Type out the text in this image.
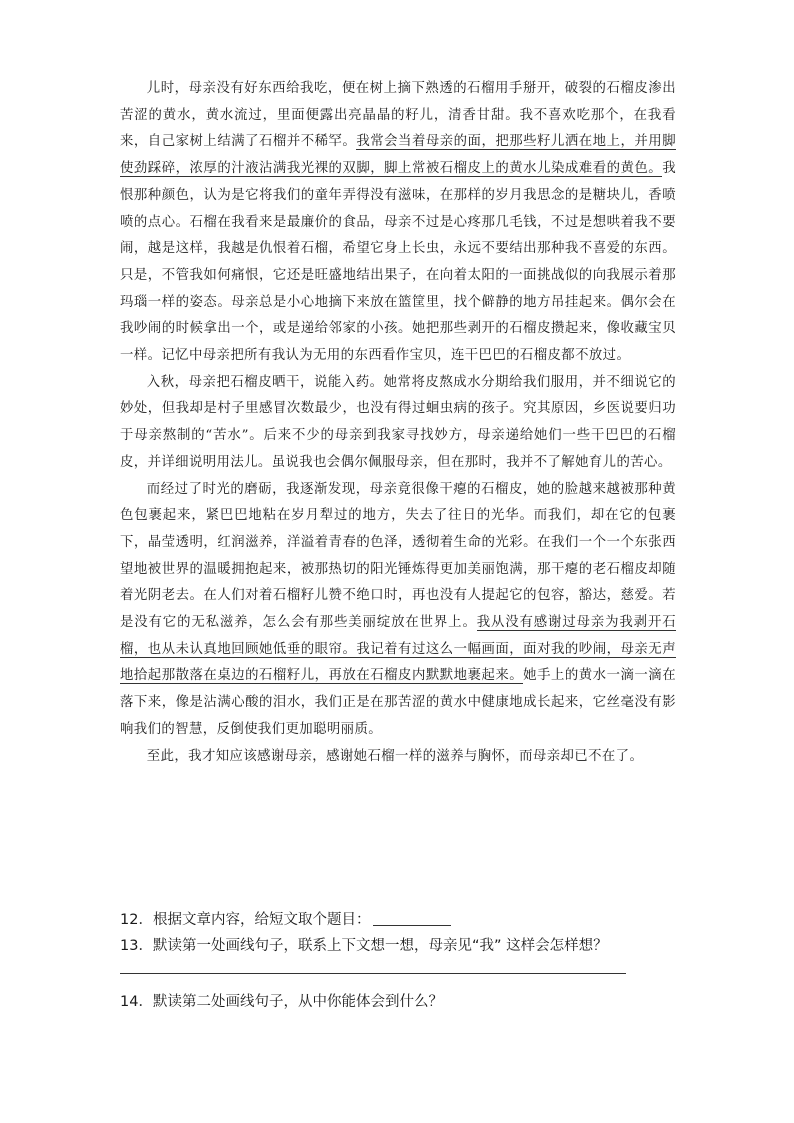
儿时，母亲没有好东西给我吃，便在树上摘下熟透的石榴用手掰开，破裂的石榴皮渗出苦涩的黄水，黄水流过，里面便露出亮晶晶的籽儿，清香甘甜。我不喜欢吃那个，在我看来，自己家树上结满了石榴并不稀罕。我常会当着母亲的面，把那些籽儿洒在地上，并用脚使劲踩碎，浓厚的汁液沾满我光裸的双脚，脚上常被石榴皮上的黄水儿染成难看的黄色。我恨那种颜色，认为是它将我们的童年弄得没有滋味，在那样的岁月我思念的是糖块儿，香喷喷的点心。石榴在我看来是最廉价的食品，母亲不过是心疼那几毛钱，不过是想哄着我不要闹，越是这样，我越是仇恨着石榴，希望它身上长虫，永远不要结出那种我不喜爱的东西。只是，不管我如何痛恨，它还是旺盛地结出果子，在向着太阳的一面挑战似的向我展示着那玛瑙一样的姿态。母亲总是小心地摘下来放在篮筐里，找个僻静的地方吊挂起来。偶尔会在我吵闹的时候拿出一个，或是递给邻家的小孩。她把那些剥开的石榴皮攒起来，像收藏宝贝一样。记忆中母亲把所有我认为无用的东西看作宝贝，连干巴巴的石榴皮都不放过。

入秋，母亲把石榴皮晒干，说能入药。她常将皮熬成水分期给我们服用，并不细说它的妙处，但我却是村子里感冒次数最少，也没有得过蛔虫病的孩子。究其原因，乡医说要归功于母亲熬制的“苦水”。后来不少的母亲到我家寻找妙方，母亲递给她们一些干巴巴的石榴皮，并详细说明用法儿。虽说我也会偶尔佩服母亲，但在那时，我并不了解她育儿的苦心。

而经过了时光的磨砺，我逐渐发现，母亲竟很像干瘪的石榴皮，她的脸越来越被那种黄色包裹起来，紧巴巴地粘在岁月犁过的地方，失去了往日的光华。而我们，却在它的包裹下，晶莹透明，红润滋养，洋溢着青春的色泽，透彻着生命的光彩。在我们一个一个东张西望地被世界的温暖拥抱起来，被那热切的阳光锤炼得更加美丽饱满，那干瘪的老石榴皮却随着光阴老去。在人们对着石榴籽儿赞不绝口时，再也没有人提起它的包容，豁达，慈爱。若是没有它的无私滋养，怎么会有那些美丽绽放在世界上。我从没有感谢过母亲为我剥开石榴，也从未认真地回顾她低垂的眼帘。我记着有过这么一幅画面，面对我的吵闹，母亲无声地拾起那散落在桌边的石榴籽儿，再放在石榴皮内默默地裹起来。她手上的黄水一滴一滴在落下来，像是沾满心酸的泪水，我们正是在那苦涩的黄水中健康地成长起来，它丝毫没有影响我们的智慧，反倒使我们更加聪明丽质。

至此，我才知应该感谢母亲，感谢她石榴一样的滋养与胸怀，而母亲却已不在了。

12．根据文章内容，给短文取个题目：
13．默读第一处画线句子，联系上下文想一想，母亲见“我” 这样会怎样想？
14．默读第二处画线句子，从中你能体会到什么？
